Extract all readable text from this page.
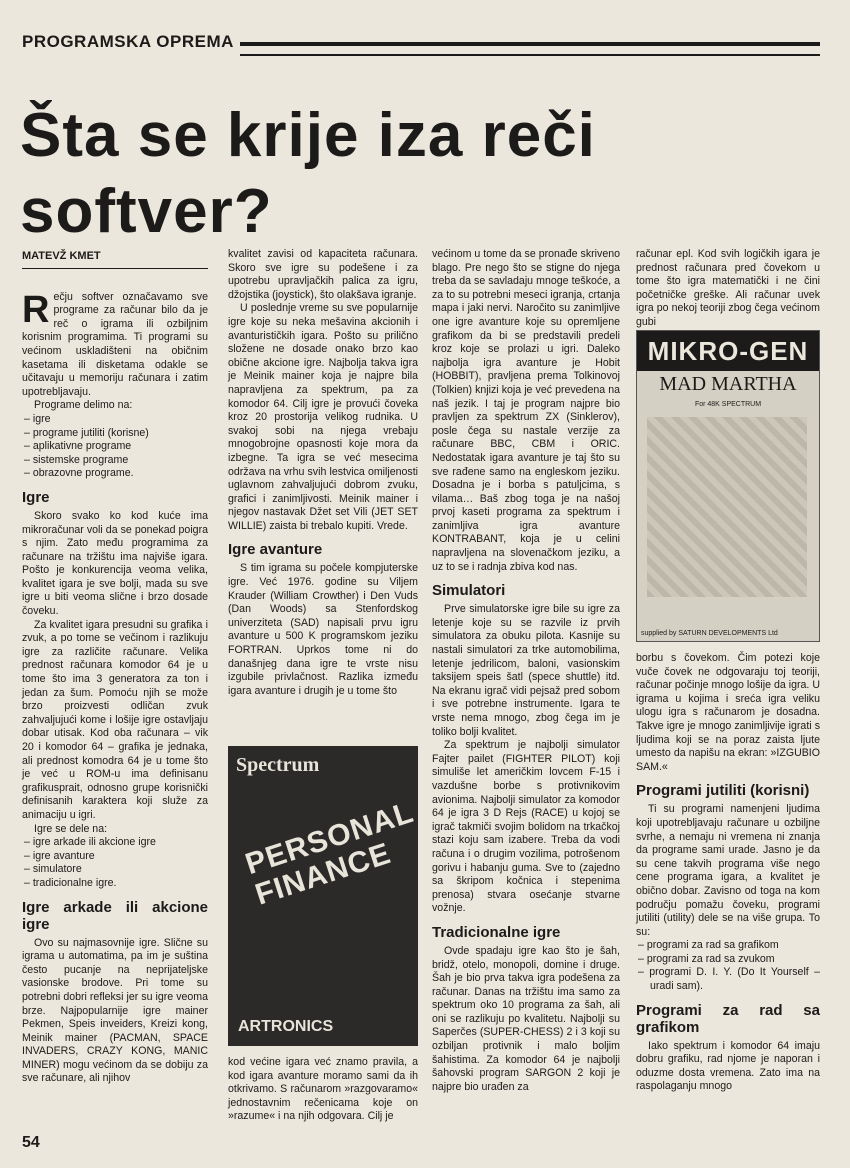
PROGRAMSKA OPREMA
Šta se krije iza reči softver?
MATEVŽ KMET
R ečju softver označavamo sve programe za računar bilo da je reč o igrama ili ozbiljnim korisnim programima. Ti programi su većinom uskladišteni na običnim kasetama ili disketama odakle se učitavaju u memoriju računara i zatim upotrebljavaju.

Programe delimo na:

– igre
– programe jutiliti (korisne)
– aplikativne programe
– sistemske programe
– obrazovne programe.
Igre

Skoro svako ko kod kuće ima mikroračunar voli da se ponekad poigra s njim. Zato među programima za računare na tržištu ima najviše igara. Pošto je konkurencija veoma velika, kvalitet igara je sve bolji, mada su sve igre u biti veoma slične i brzo dosade čoveku.

Za kvalitet igara presudni su grafika i zvuk, a po tome se večinom i razlikuju igre za različite računare. Velika prednost računara komodor 64 je u tome što ima 3 generatora za ton i jedan za šum. Pomoću njih se može brzo proizvesti odličan zvuk zahvaljujući kome i lošije igre ostavljaju dobar utisak. Kod oba računara – vik 20 i komodor 64 – grafika je jednaka, ali prednost komodra 64 je u tome što je već u ROM-u ima definisanu grafikusprait, odnosno grupe korisnički definisanih karaktera koji služe za animaciju u igri.

Igre se dele na:

– igre arkade ili akcione igre
– igre avanture
– simulatore
– tradicionalne igre.
Igre arkade ili akcione igre

Ovo su najmasovnije igre. Slične su igrama u automatima, pa im je suština često pucanje na neprijateljske vasionske brodove. Pri tome su potrebni dobri refleksi jer su igre veoma brze. Najpopularnije igre mainer Pekmen, Speis inveiders, Kreizi kong, Meinik mainer (PACMAN, SPACE INVADERS, CRAZY KONG, MANIC MINER) mogu većinom da se dobiju za sve računare, ali njihov

kvalitet zavisi od kapaciteta računara. Skoro sve igre su podešene i za upotrebu upravljačkih palica za igru, džojstika (joystick), što olakšava igranje.

U poslednje vreme su sve popularnije igre koje su neka mešavina akcionih i avanturističkih igara. Pošto su prilično složene ne dosade onako brzo kao obične akcione igre. Najbolja takva igra je Meinik mainer koja je najpre bila napravljena za spektrum, pa za komodor 64. Cilj igre je provući čoveka kroz 20 prostorija velikog rudnika. U svakoj sobi na njega vrebaju mnogobrojne opasnosti koje mora da izbegne. Ta igra se već mesecima održava na vrhu svih lestvica omiljenosti uglavnom zahvaljujući dobrom zvuku, grafici i zanimljivosti. Meinik mainer i njegov nastavak Džet set Vili (JET SET WILLIE) zaista bi trebalo kupiti. Vrede.

Igre avanture

S tim igrama su počele kompjuterske igre. Već 1976. godine su Viljem Krauder (William Crowther) i Den Vuds (Dan Woods) sa Stenfordskog univerziteta (SAD) napisali prvu igru avanture u 500 K programskom jeziku FORTRAN. Uprkos tome ni do današnjeg dana igre te vrste nisu izgubile privlačnost. Razlika između igara avanture i drugih je u tome što

kod većine igara već znamo pravila, a kod igara avanture moramo sami da ih otkrivamo. S računarom »razgovaramo« jednostavnim rečenicama koje on »razume« i na njih odgovara. Cilj je

Spectrum
PERSONAL FINANCE
ARTRONICS

većinom u tome da se pronađe skriveno blago. Pre nego što se stigne do njega treba da se savladaju mnoge teškoće, a za to su potrebni meseci igranja, crtanja mapa i jaki nervi. Naročito su zanimljive one igre avanture koje su opremljene grafikom da bi se predstavili predeli kroz koje se prolazi u igri. Daleko najbolja igra avanture je Hobit (HOBBIT), pravljena prema Tolkinovoj (Tolkien) knjizi koja je već prevedena na naš jezik. I taj je program najpre bio pravljen za spektrum ZX (Sinklerov), posle čega su nastale verzije za računare BBC, CBM i ORIC. Nedostatak igara avanture je taj što su sve rađene samo na engleskom jeziku. Dosadna je i borba s patuljcima, s vilama… Baš zbog toga je na našoj prvoj kaseti programa za spektrum i zanimljiva igra avanture KONTRABANT, koja je u celini napravljena na slovenačkom jeziku, a uz to se i radnja zbiva kod nas.

Simulatori

Prve simulatorske igre bile su igre za letenje koje su se razvile iz prvih simulatora za obuku pilota. Kasnije su nastali simulatori za trke automobilima, letenje jedrilicom, baloni, vasionskim taksijem speis šatl (spece shuttle) itd. Na ekranu igrač vidi pejsaž pred sobom i sve potrebne instrumente. Igara te vrste nema mnogo, zbog čega im je toliko bolji kvalitet.

Za spektrum je najbolji simulator Fajter pailet (FIGHTER PILOT) koji simuliše let američkim lovcem F-15 i vazdušne borbe s protivnikovim avionima. Najbolji simulator za komodor 64 je igra 3 D Rejs (RACE) u kojoj se igrač takmiči svojim bolidom na trkačkoj stazi koju sam izabere. Treba da vodi računa i o drugim vozilima, potrošenom gorivu i habanju guma. Sve to (zajedno sa škripom kočnica i stepenima prenosa) stvara osećanje stvarne vožnje.

Tradicionalne igre

Ovde spadaju igre kao što je šah, bridž, otelo, monopoli, domine i druge. Šah je bio prva takva igra podešena za računar. Danas na tržištu ima samo za spektrum oko 10 programa za šah, ali oni se razlikuju po kvalitetu. Najbolji su Saperčes (SUPER-CHESS) 2 i 3 koji su ozbiljan protivnik i malo boljim šahistima. Za komodor 64 je najbolji šahovski program SARGON 2 koji je najpre bio urađen za

računar epl. Kod svih logičkih igara je prednost računara pred čovekom u tome što igra matematički i ne čini početničke greške. Ali računar uvek igra po nekoj teoriji zbog čega većinom gubi

MIKRO-GEN
MAD MARTHA
For 48K SPECTRUM
supplied by SATURN DEVELOPMENTS Ltd

borbu s čovekom. Čim potezi koje vuče čovek ne odgovaraju toj teoriji, računar počinje mnogo lošije da igra. U igrama u kojima i sreća igra veliku ulogu igra s računarom je dosadna. Takve igre je mnogo zanimljivije igrati s ljudima koji se na poraz zaista ljute umesto da napišu na ekran: »IZGUBIO SAM.«

Programi jutiliti (korisni)

Ti su programi namenjeni ljudima koji upotrebljavaju računare u ozbiljne svrhe, a nemaju ni vremena ni znanja da programe sami urade. Jasno je da su cene takvih programa više nego cene programa igara, a kvalitet je obično dobar. Zavisno od toga na kom području pomažu čoveku, programi jutiliti (utility) dele se na više grupa. To su:

– programi za rad sa grafikom
– programi za rad sa zvukom
– programi D. I. Y. (Do It Yourself – uradi sam).
Programi za rad sa grafikom

Iako spektrum i komodor 64 imaju dobru grafiku, rad njome je naporan i oduzme dosta vremena. Zato ima na raspolaganju mnogo

54
